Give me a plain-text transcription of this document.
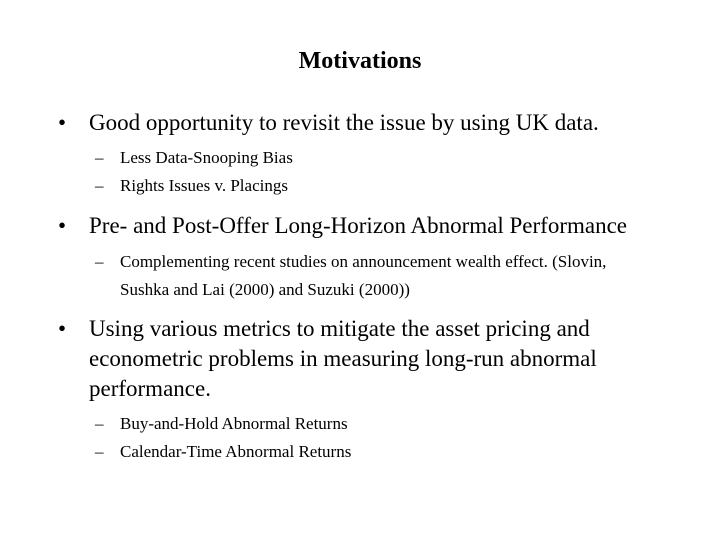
Motivations
• Good opportunity to revisit the issue by using UK data.
– Less Data-Snooping Bias
– Rights Issues v. Placings
• Pre- and Post-Offer Long-Horizon Abnormal Performance
– Complementing recent studies on announcement wealth effect. (Slovin, Sushka and Lai (2000) and Suzuki (2000))
• Using various metrics to mitigate the asset pricing and econometric problems in measuring long-run abnormal performance.
– Buy-and-Hold Abnormal Returns
– Calendar-Time Abnormal Returns
